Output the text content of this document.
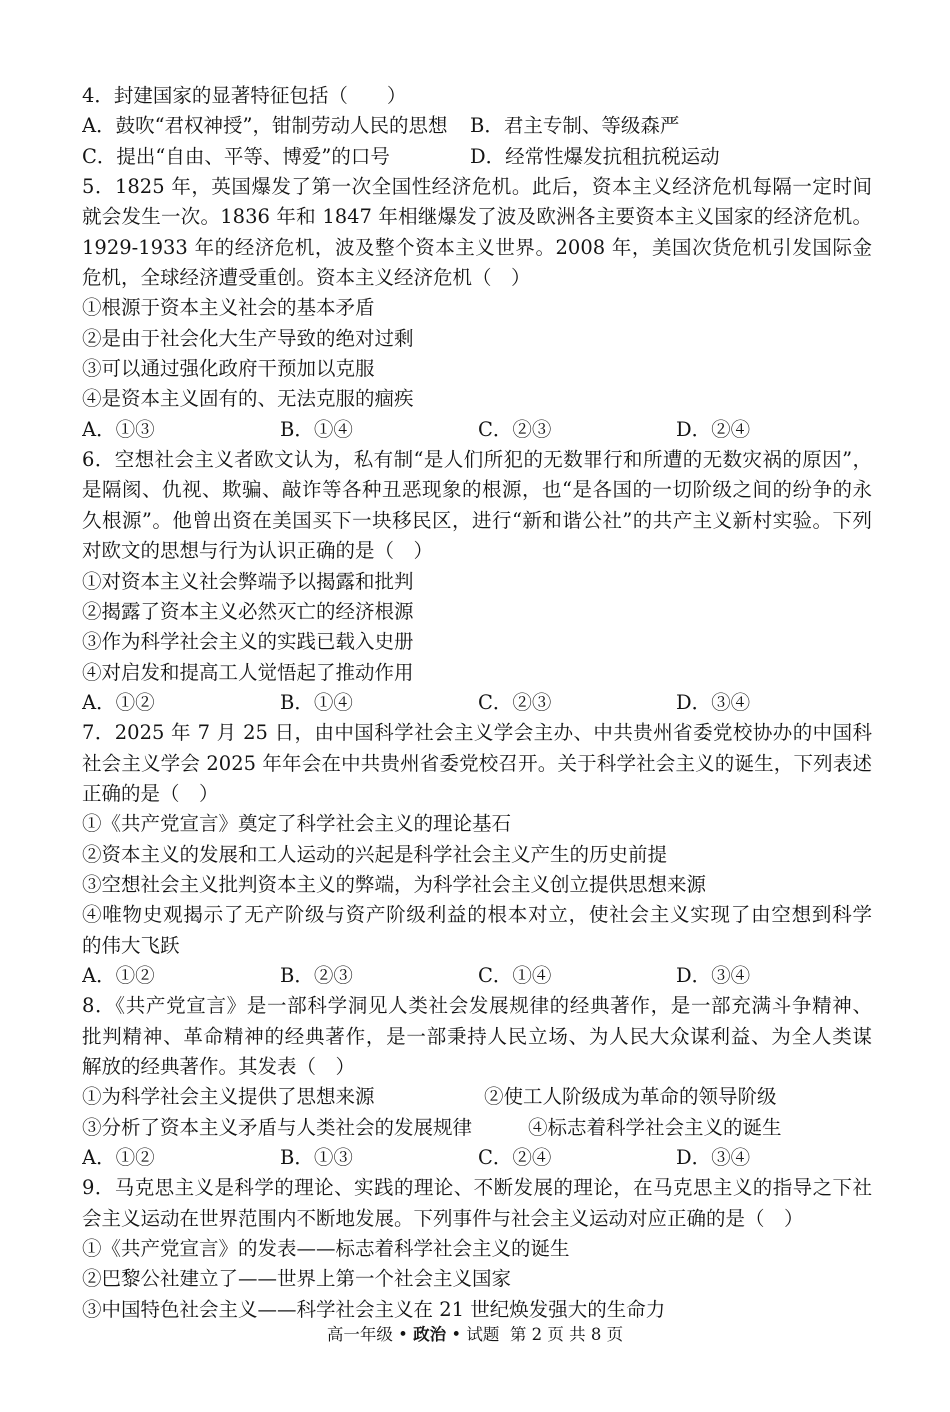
4．封建国家的显著特征包括（　　）
A．鼓吹“君权神授”，钳制劳动人民的思想 B．君主专制、等级森严
C．提出“自由、平等、博爱”的口号	D．经常性爆发抗租抗税运动
5．1825 年，英国爆发了第一次全国性经济危机。此后，资本主义经济危机每隔一定时间
就会发生一次。1836 年和 1847 年相继爆发了波及欧洲各主要资本主义国家的经济危机。
1929-1933 年的经济危机，波及整个资本主义世界。2008 年，美国次货危机引发国际金
危机，全球经济遭受重创。资本主义经济危机（　）
①根源于资本主义社会的基本矛盾
②是由于社会化大生产导致的绝对过剩
③可以通过强化政府干预加以克服
④是资本主义固有的、无法克服的痼疾
A．①③	B．①④	C．②③	D．②④
6．空想社会主义者欧文认为，私有制“是人们所犯的无数罪行和所遭的无数灾祸的原因”，
是隔阂、仇视、欺骗、敲诈等各种丑恶现象的根源，也“是各国的一切阶级之间的纷争的永
久根源”。他曾出资在美国买下一块移民区，进行“新和谐公社”的共产主义新村实验。下列
对欧文的思想与行为认识正确的是（　）
①对资本主义社会弊端予以揭露和批判
②揭露了资本主义必然灭亡的经济根源
③作为科学社会主义的实践已载入史册
④对启发和提高工人觉悟起了推动作用
A．①②	B．①④	C．②③	D．③④
7．2025 年 7 月 25 日，由中国科学社会主义学会主办、中共贵州省委党校协办的中国科
社会主义学会 2025 年年会在中共贵州省委党校召开。关于科学社会主义的诞生，下列表述
正确的是（　）
①《共产党宣言》奠定了科学社会主义的理论基石
②资本主义的发展和工人运动的兴起是科学社会主义产生的历史前提
③空想社会主义批判资本主义的弊端，为科学社会主义创立提供思想来源
④唯物史观揭示了无产阶级与资产阶级利益的根本对立，使社会主义实现了由空想到科学
的伟大飞跃
A．①②	B．②③	C．①④	D．③④
8．《共产党宣言》是一部科学洞见人类社会发展规律的经典著作，是一部充满斗争精神、
批判精神、革命精神的经典著作，是一部秉持人民立场、为人民大众谋利益、为全人类谋
解放的经典著作。其发表（　）
①为科学社会主义提供了思想来源	②使工人阶级成为革命的领导阶级
③分析了资本主义矛盾与人类社会的发展规律	④标志着科学社会主义的诞生
A．①②	B．①③	C．②④	D．③④
9．马克思主义是科学的理论、实践的理论、不断发展的理论，在马克思主义的指导之下社
会主义运动在世界范围内不断地发展。下列事件与社会主义运动对应正确的是（　）
①《共产党宣言》的发表——标志着科学社会主义的诞生
②巴黎公社建立了——世界上第一个社会主义国家
③中国特色社会主义——科学社会主义在 21 世纪焕发强大的生命力
高一年级 • 政治 • 试题 第 2 页 共 8 页
